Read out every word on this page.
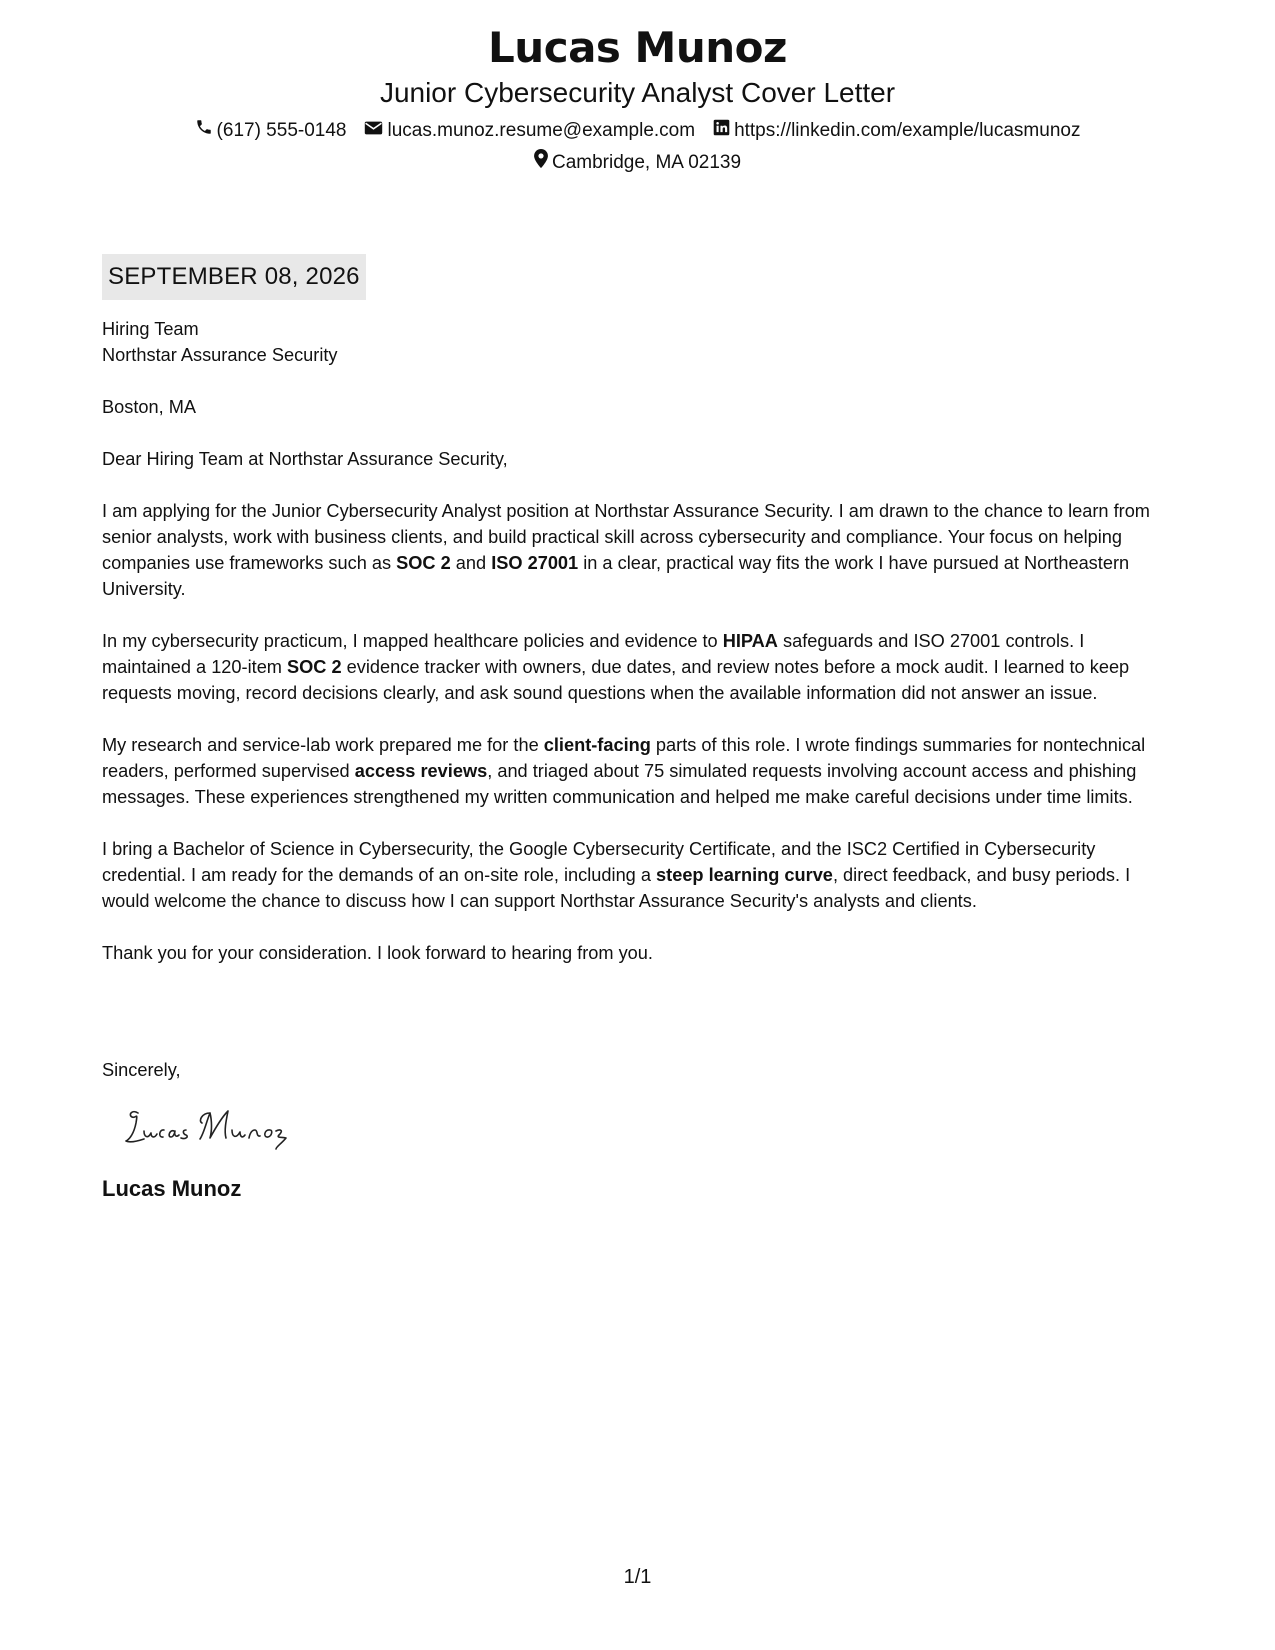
Lucas Munoz
Junior Cybersecurity Analyst Cover Letter
(617) 555-0148 lucas.munoz.resume@example.com https://linkedin.com/example/lucasmunoz
Cambridge, MA 02139
SEPTEMBER 08, 2026

Hiring Team

Northstar Assurance Security

Boston, MA

Dear Hiring Team at Northstar Assurance Security,

I am applying for the Junior Cybersecurity Analyst position at Northstar Assurance Security. I am drawn to the chance to learn from senior analysts, work with business clients, and build practical skill across cybersecurity and compliance. Your focus on helping companies use frameworks such as SOC 2 and ISO 27001 in a clear, practical way fits the work I have pursued at Northeastern University.

In my cybersecurity practicum, I mapped healthcare policies and evidence to HIPAA safeguards and ISO 27001 controls. I maintained a 120-item SOC 2 evidence tracker with owners, due dates, and review notes before a mock audit. I learned to keep requests moving, record decisions clearly, and ask sound questions when the available information did not answer an issue.

My research and service-lab work prepared me for the client-facing parts of this role. I wrote findings summaries for nontechnical readers, performed supervised access reviews, and triaged about 75 simulated requests involving account access and phishing messages. These experiences strengthened my written communication and helped me make careful decisions under time limits.

I bring a Bachelor of Science in Cybersecurity, the Google Cybersecurity Certificate, and the ISC2 Certified in Cybersecurity credential. I am ready for the demands of an on-site role, including a steep learning curve, direct feedback, and busy periods. I would welcome the chance to discuss how I can support Northstar Assurance Security's analysts and clients.

Thank you for your consideration. I look forward to hearing from you.

Sincerely,
Lucas Munoz
1/1
